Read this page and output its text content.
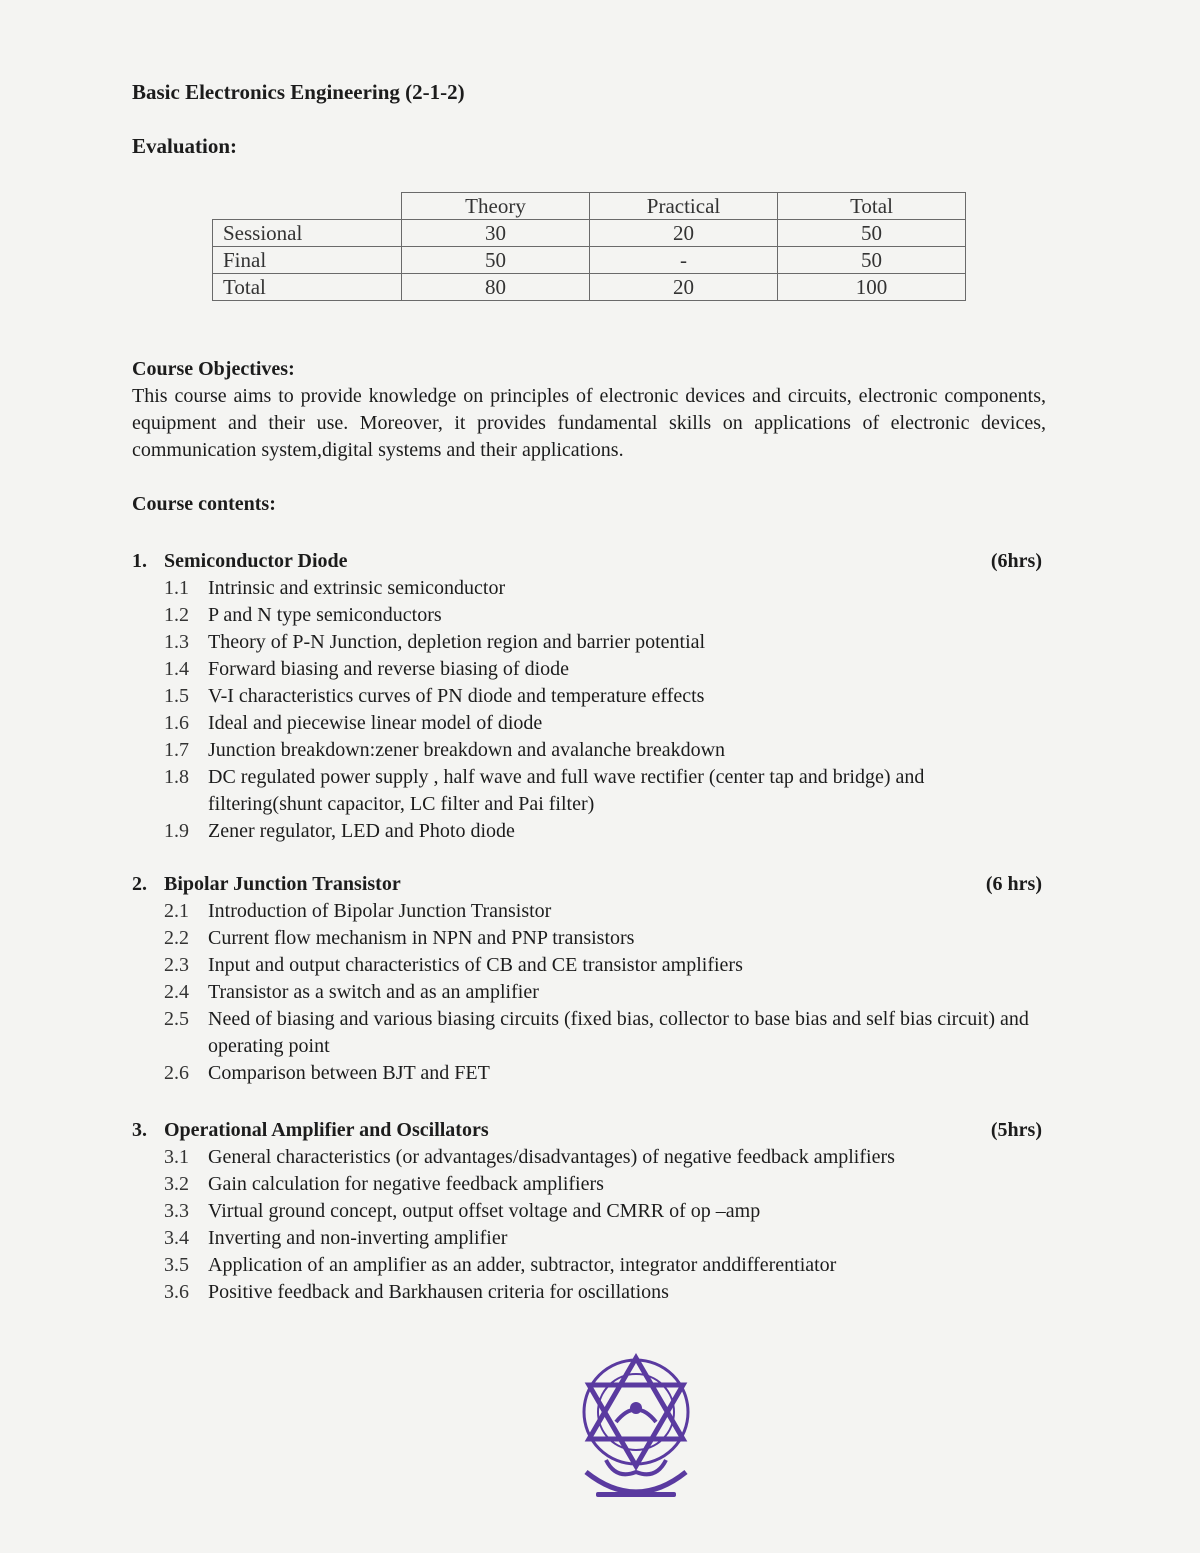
Basic Electronics Engineering (2-1-2)
Evaluation:
	Theory	Practical	Total
Sessional	30	20	50
Final	50	-	50
Total	80	20	100
Course Objectives:

This course aims to provide knowledge on principles of electronic devices and circuits, electronic components, equipment and their use. Moreover, it provides fundamental skills on applications of electronic devices, communication system,digital systems and their applications.

Course contents:
1. Semiconductor Diode	(6hrs)
1.1 Intrinsic and extrinsic semiconductor
1.2 P and N type semiconductors
1.3 Theory of P-N Junction, depletion region and barrier potential
1.4 Forward biasing and reverse biasing of diode
1.5 V-I characteristics curves of PN diode and temperature effects
1.6 Ideal and piecewise linear model of diode
1.7 Junction breakdown:zener breakdown and avalanche breakdown
1.8 DC regulated power supply , half wave and full wave rectifier (center tap and bridge) and filtering(shunt capacitor, LC filter and Pai filter)
1.9 Zener regulator, LED and Photo diode
2. Bipolar Junction Transistor	(6 hrs)
2.1 Introduction of Bipolar Junction Transistor
2.2 Current flow mechanism in NPN and PNP transistors
2.3 Input and output characteristics of CB and CE transistor amplifiers
2.4 Transistor as a switch and as an amplifier
2.5 Need of biasing and various biasing circuits (fixed bias, collector to base bias and self bias circuit) and operating point
2.6 Comparison between BJT and FET
3. Operational Amplifier and Oscillators	(5hrs)
3.1 General characteristics (or advantages/disadvantages) of negative feedback amplifiers
3.2 Gain calculation for negative feedback amplifiers
3.3 Virtual ground concept, output offset voltage and CMRR of op –amp
3.4 Inverting and non-inverting amplifier
3.5 Application of an amplifier as an adder, subtractor, integrator anddifferentiator
3.6 Positive feedback and Barkhausen criteria for oscillations
